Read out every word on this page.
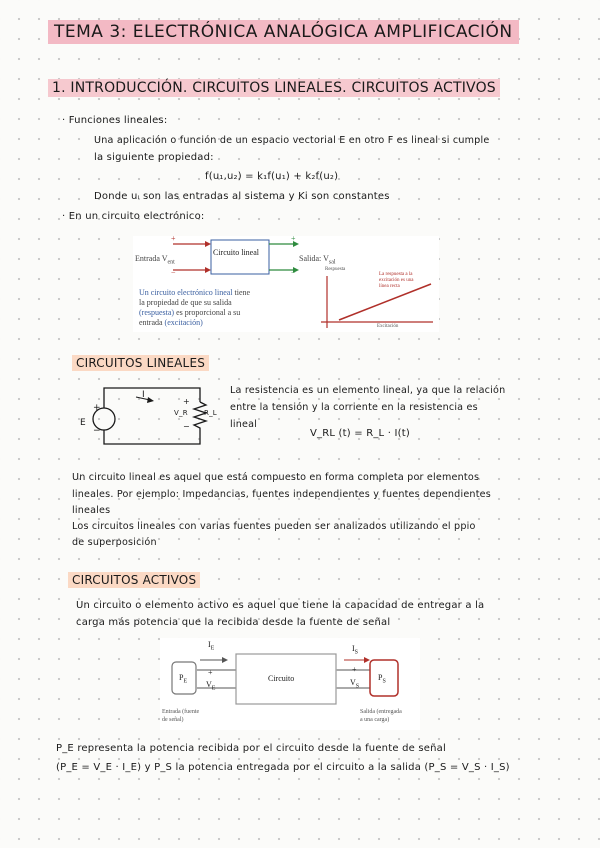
TEMA 3: ELECTRÓNICA ANALÓGICA AMPLIFICACIÓN
1. INTRODUCCIÓN. CIRCUITOS LINEALES. CIRCUITOS ACTIVOS
· Funciones lineales:
Una aplicación o función de un espacio vectorial E en otro F es lineal si cumple
la siguiente propiedad:
f(u₁,u₂) = k₁f(u₁) + k₂f(u₂)
Donde uᵢ son las entradas al sistema y Ki son constantes
· En un circuito electrónico:
+
−
+
−
Entrada $V_{ent}$
Circuito lineal
Salida: $V_{sal}$
Un circuito electrónico lineal tiene
la propiedad de que su salida
(respuesta) es proporcional a su
entrada (excitación)
Respuesta
Excitación
La respuesta a la
excitación es una
línea recta
CIRCUITOS LINEALES
I
E
+
−
V_R R_L
+
−
La resistencia es un elemento lineal, ya que la relación
entre la tensión y la corriente en la resistencia es
lineal
V_RL (t) = R_L · I(t)
Un circuito lineal es aquel que está compuesto en forma completa por elementos
lineales. Por ejemplo: Impedancias, fuentes independientes y fuentes dependientes
lineales
Los circuitos lineales con varias fuentes pueden ser analizados utilizando el ppio
de superposición
CIRCUITOS ACTIVOS
Un circuito o elemento activo es aquel que tiene la capacidad de entregar a la
carga más potencia que la recibida desde la fuente de señal
$I_E$	$I_S$
$P_E$
+
$V_E$
Circuito
+
$V_S$
$P_S$
Entrada (fuente
de señal)
Salida (entregada
a una carga)
P_E representa la potencia recibida por el circuito desde la fuente de señal
(P_E = V_E · I_E) y P_S la potencia entregada por el circuito a la salida (P_S = V_S · I_S)
